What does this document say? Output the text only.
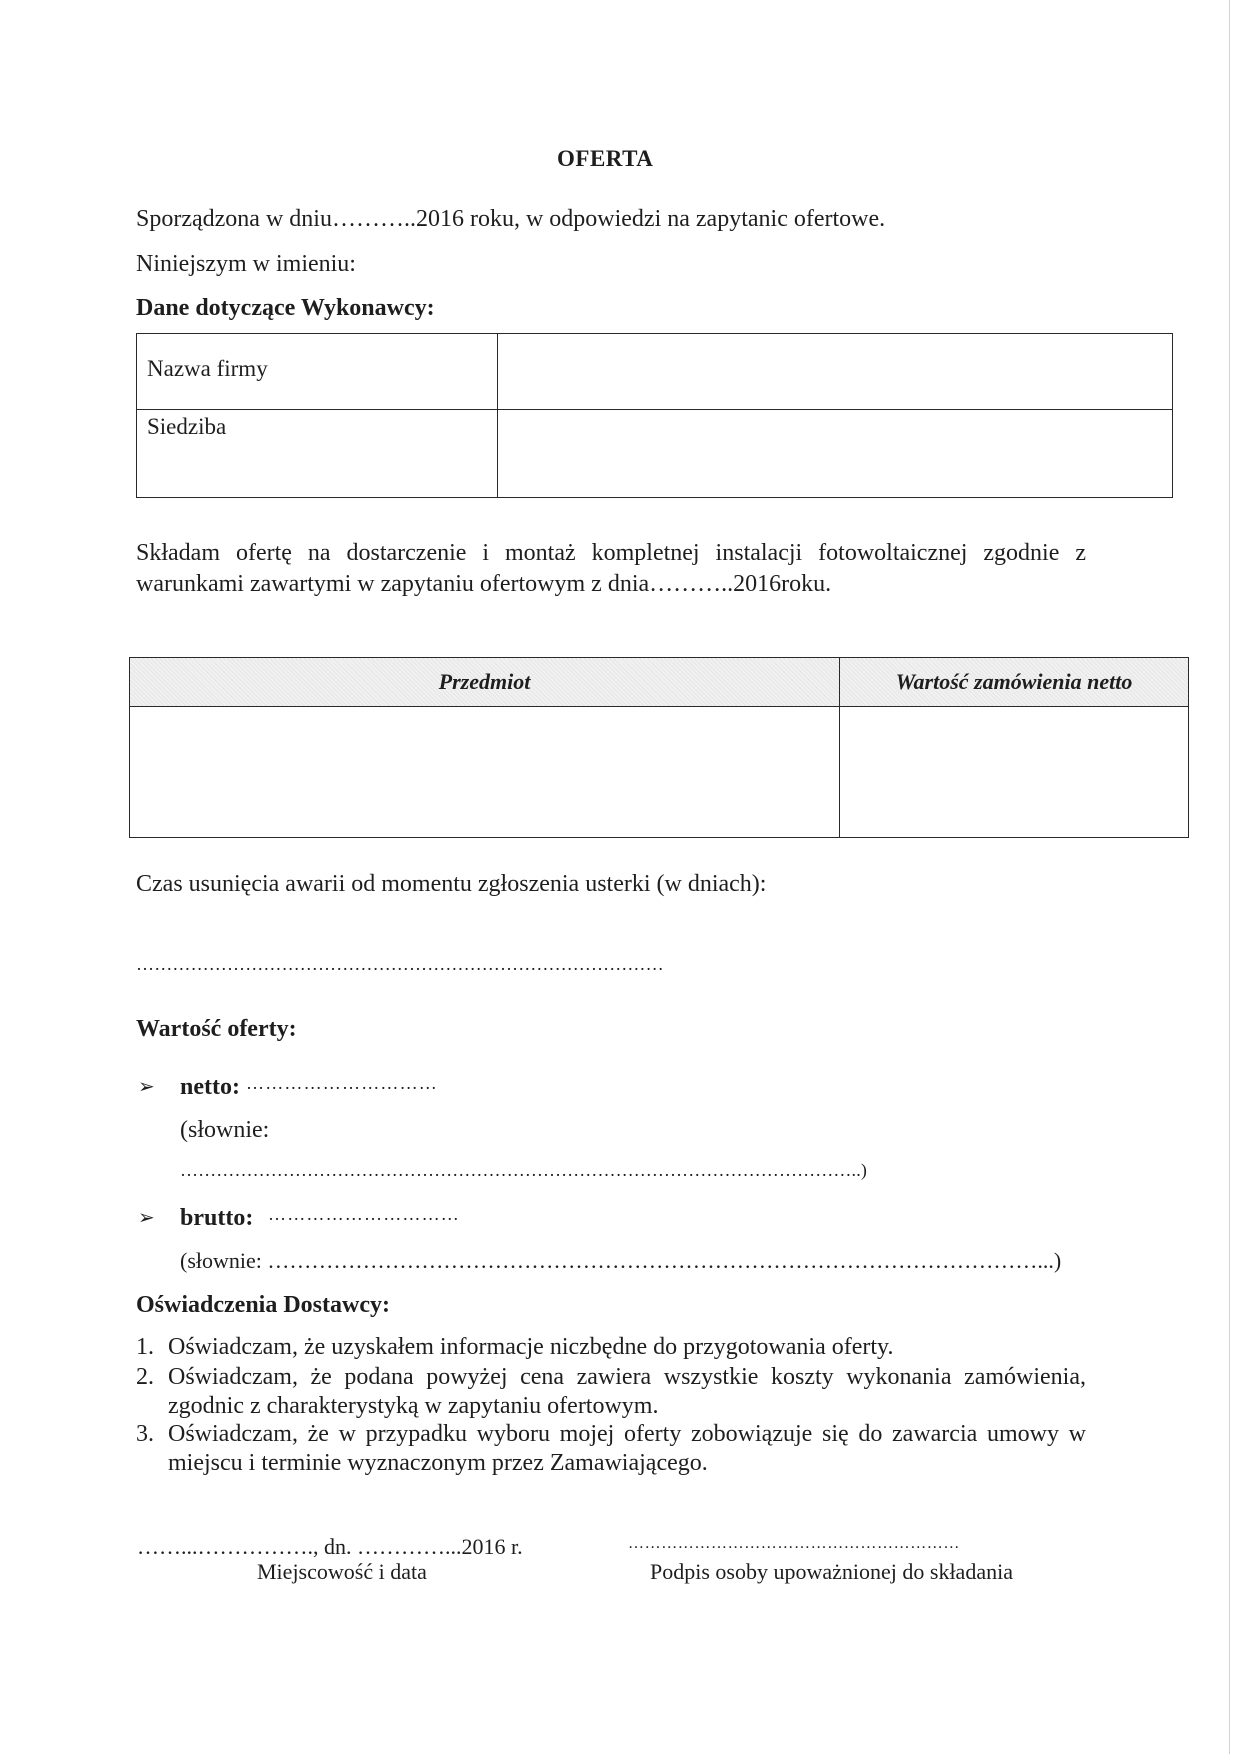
OFERTA
Sporządzona w dniu………..2016 roku, w odpowiedzi na zapytanic ofertowe.
Niniejszym w imieniu:
Dane dotyczące Wykonawcy:
Nazwa firmy	
Siedziba	
Składam ofertę na dostarczenie i montaż kompletnej instalacji fotowoltaicznej zgodnie z warunkami zawartymi w zapytaniu ofertowym z dnia………..2016roku.
Przedmiot	Wartość zamówienia netto

Czas usunięcia awarii od momentu zgłoszenia usterki (w dniach):
……………………………………………………………………………
Wartość oferty:
➢ netto: …………………………
(słownie:
…………………………………………………………………………………………………..)
➢ brutto: …………………………
(słownie: ……………………………………………………………………………………………...)
Oświadczenia Dostawcy:
1. Oświadczam, że uzyskałem informacje niczbędne do przygotowania oferty.
2. Oświadczam, że podana powyżej cena zawiera wszystkie koszty wykonania zamówienia, zgodnic z charakterystyką w zapytaniu ofertowym.
3. Oświadczam, że w przypadku wyboru mojej oferty zobowiązuje się do zawarcia umowy w miejscu i terminie wyznaczonym przez Zamawiającego.
……...……………., dn. …………...2016 r.
Miejscowość i data
……………………………………………………
Podpis osoby upoważnionej do składania
